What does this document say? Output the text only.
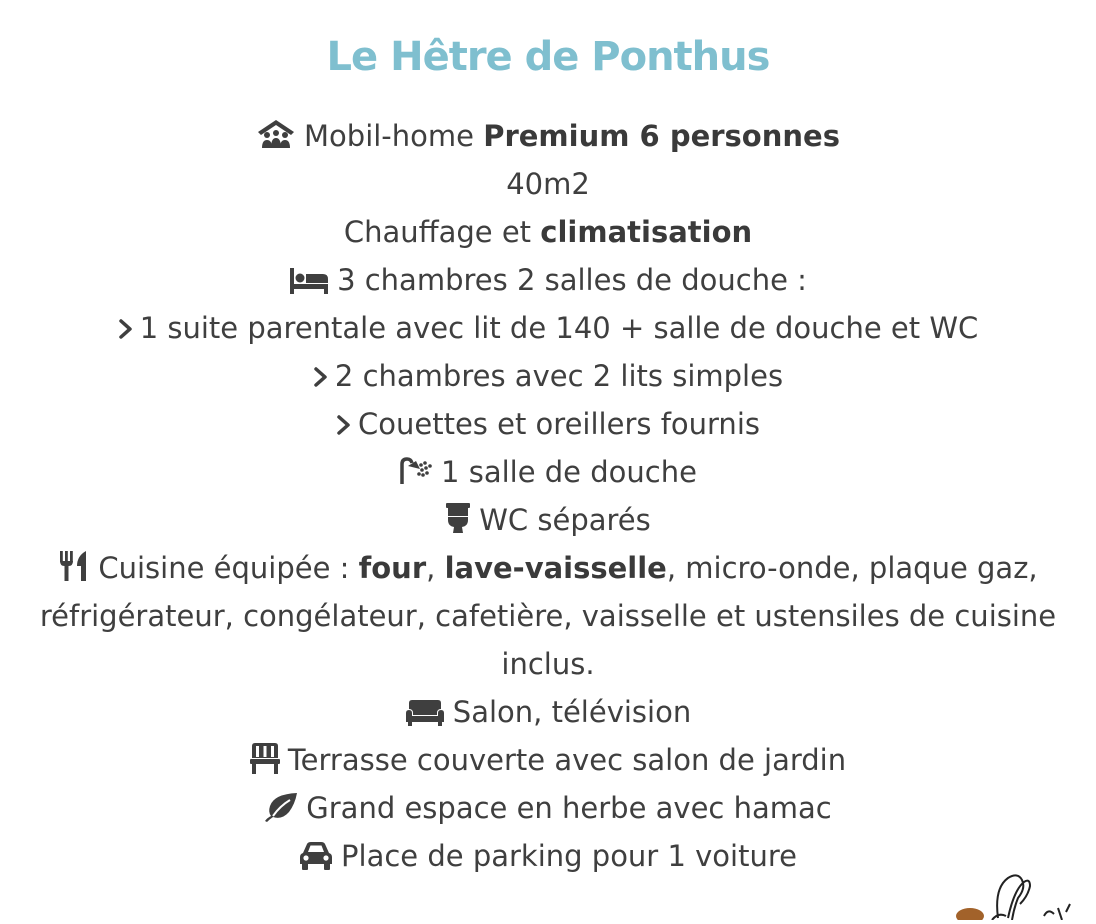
Le Hêtre de Ponthus
Mobil-home Premium 6 personnes
40m2
Chauffage et climatisation
3 chambres 2 salles de douche :
1 suite parentale avec lit de 140 + salle de douche et WC
2 chambres avec 2 lits simples
Couettes et oreillers fournis
1 salle de douche
WC séparés
Cuisine équipée : four, lave-vaisselle, micro-onde, plaque gaz,
réfrigérateur, congélateur, cafetière, vaisselle et ustensiles de cuisine
inclus.
Salon, télévision
Terrasse couverte avec salon de jardin
Grand espace en herbe avec hamac
Place de parking pour 1 voiture
